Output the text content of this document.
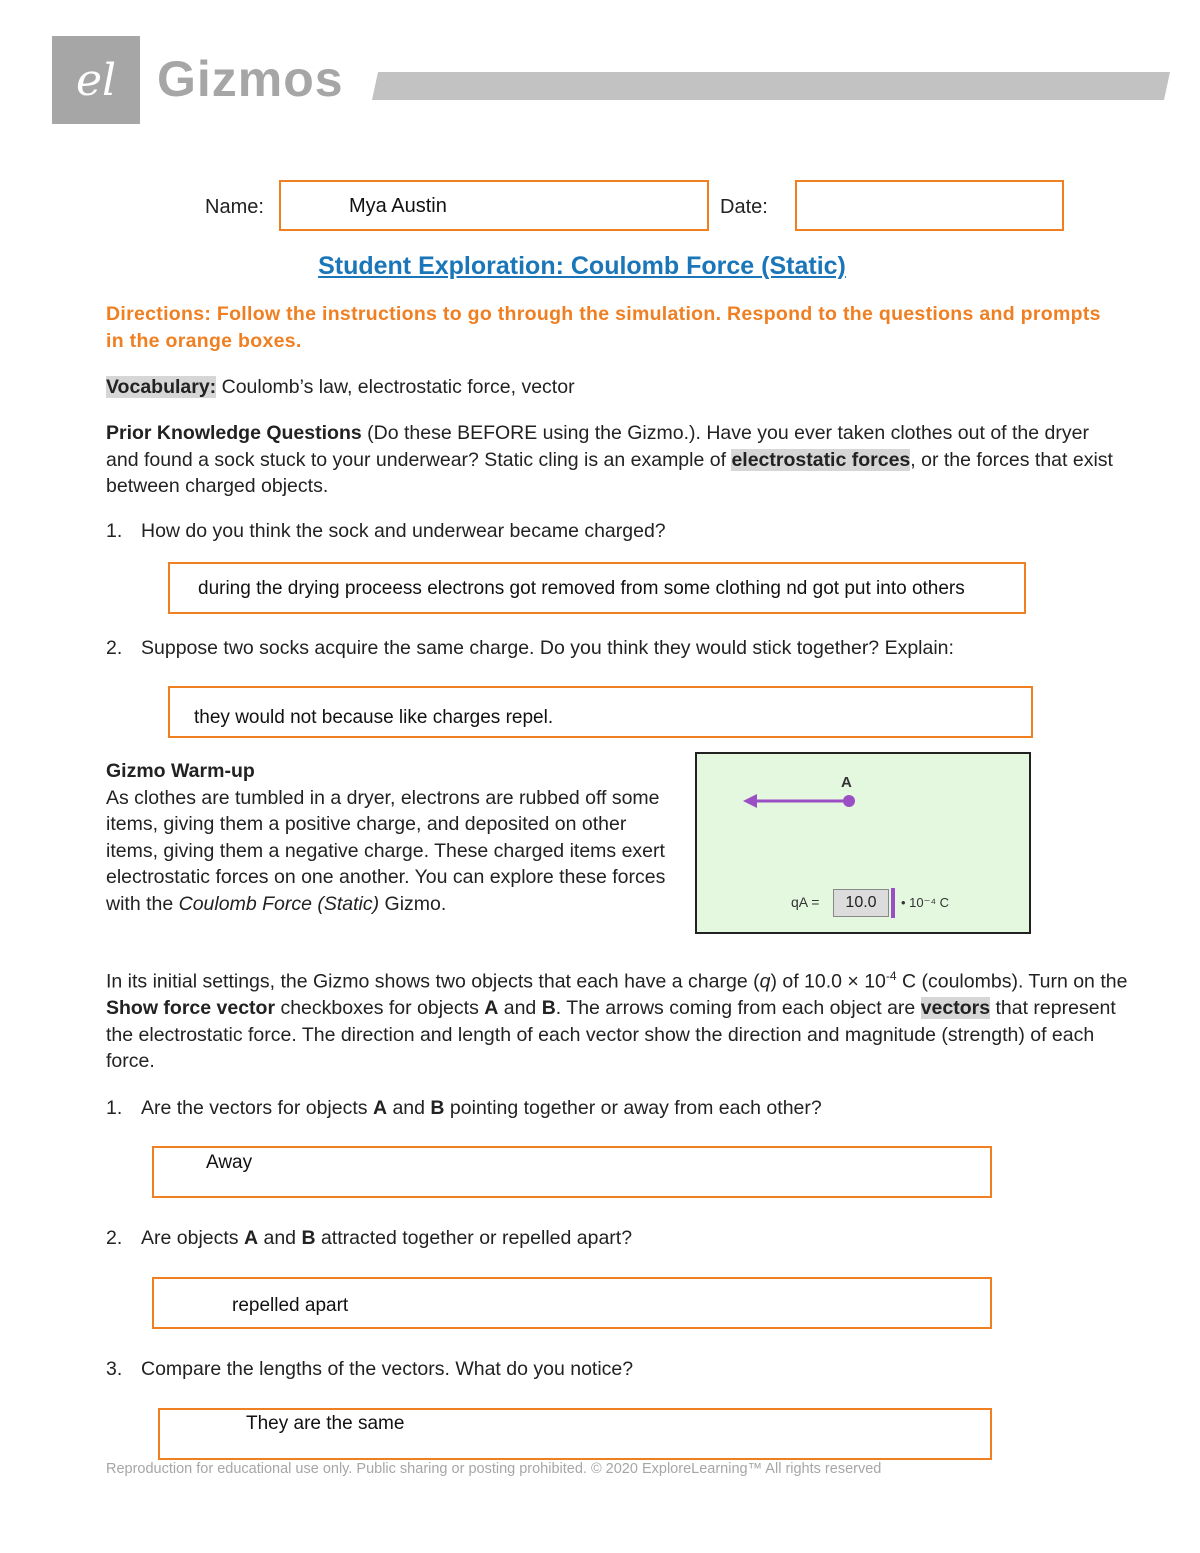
el Gizmos
Name:	Mya Austin	Date:
Student Exploration: Coulomb Force (Static)
Directions: Follow the instructions to go through the simulation. Respond to the questions and prompts in the orange boxes.
Vocabulary: Coulomb’s law, electrostatic force, vector
Prior Knowledge Questions (Do these BEFORE using the Gizmo.). Have you ever taken clothes out of the dryer and found a sock stuck to your underwear? Static cling is an example of electrostatic forces, or the forces that exist between charged objects.
1. How do you think the sock and underwear became charged?
during the drying proceess electrons got removed from some clothing nd got put into others
2. Suppose two socks acquire the same charge. Do you think they would stick together? Explain:
they would not because like charges repel.
Gizmo Warm-up
As clothes are tumbled in a dryer, electrons are rubbed off some items, giving them a positive charge, and deposited on other items, giving them a negative charge. These charged items exert electrostatic forces on one another. You can explore these forces with the Coulomb Force (Static) Gizmo.
A
qA =	10.0	• 10⁻⁴ C
In its initial settings, the Gizmo shows two objects that each have a charge (q) of $10.0 \times 10^{-4}$ C (coulombs). Turn on the Show force vector checkboxes for objects A and B. The arrows coming from each object are vectors that represent the electrostatic force. The direction and length of each vector show the direction and magnitude (strength) of each force.
1. Are the vectors for objects A and B pointing together or away from each other?
Away
2. Are objects A and B attracted together or repelled apart?
repelled apart
3. Compare the lengths of the vectors. What do you notice?
They are the same
Reproduction for educational use only. Public sharing or posting prohibited. © 2020 ExploreLearning™ All rights reserved
